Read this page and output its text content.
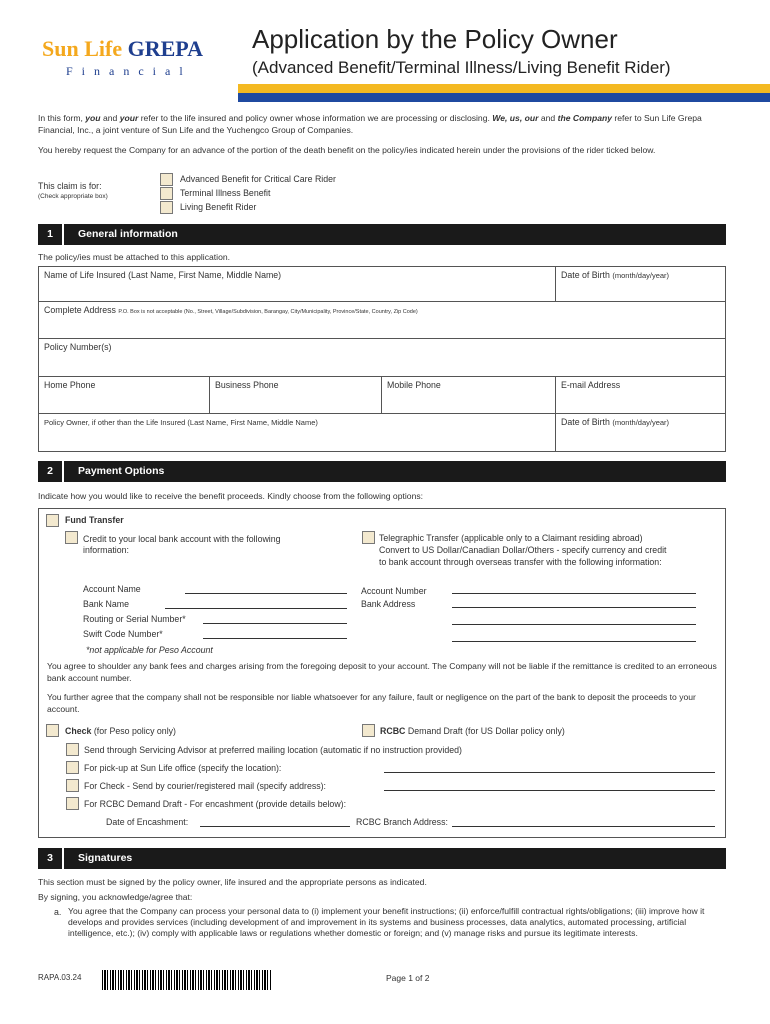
Sun Life GREPA
Financial
Application by the Policy Owner
(Advanced Benefit/Terminal Illness/Living Benefit Rider)
In this form, you and your refer to the life insured and policy owner whose information we are processing or disclosing. We, us, our and the Company refer to Sun Life Grepa Financial, Inc., a joint venture of Sun Life and the Yuchengco Group of Companies.
You hereby request the Company for an advance of the portion of the death benefit on the policy/ies indicated herein under the provisions of the rider ticked below.
This claim is for:
(Check appropriate box)
Advanced Benefit for Critical Care Rider
Terminal Illness Benefit
Living Benefit Rider
1	General information
The policy/ies must be attached to this application.
Name of Life Insured (Last Name, First Name, Middle Name)	Date of Birth (month/day/year)
Complete Address P.O. Box is not acceptable (No., Street, Village/Subdivision, Barangay, City/Municipality, Province/State, Country, Zip Code)
Policy Number(s)
Home Phone	Business Phone	Mobile Phone	E-mail Address
Policy Owner, if other than the Life Insured (Last Name, First Name, Middle Name)	Date of Birth (month/day/year)
2	Payment Options
Indicate how you would like to receive the benefit proceeds. Kindly choose from the following options:
Fund Transfer
Credit to your local bank account with the following information:
Telegraphic Transfer (applicable only to a Claimant residing abroad) Convert to US Dollar/Canadian Dollar/Others - specify currency and credit to bank account through overseas transfer with the following information:
Account Name
Bank Name
Routing or Serial Number*
Swift Code Number*
*not applicable for Peso Account
Account Number
Bank Address
You agree to shoulder any bank fees and charges arising from the foregoing deposit to your account. The Company will not be liable if the remittance is credited to an erroneous bank account number.
You further agree that the company shall not be responsible nor liable whatsoever for any failure, fault or negligence on the part of the bank to deposit the proceeds to your account.
Check (for Peso policy only)	RCBC Demand Draft (for US Dollar policy only)
Send through Servicing Advisor at preferred mailing location (automatic if no instruction provided)
For pick-up at Sun Life office (specify the location):
For Check - Send by courier/registered mail (specify address):
For RCBC Demand Draft - For encashment (provide details below):
Date of Encashment:	RCBC Branch Address:
3	Signatures
This section must be signed by the policy owner, life insured and the appropriate persons as indicated.
By signing, you acknowledge/agree that:
a. You agree that the Company can process your personal data to (i) implement your benefit instructions; (ii) enforce/fulfill contractual rights/obligations; (iii) improve how it develops and provides services (including development of and improvement in its systems and business processes, data analytics, automated processing, artificial intelligence, etc.); (iv) comply with applicable laws or regulations whether domestic or foreign; and (v) manage risks and pursue its legitimate interests.
RAPA.03.24	Page 1 of 2
